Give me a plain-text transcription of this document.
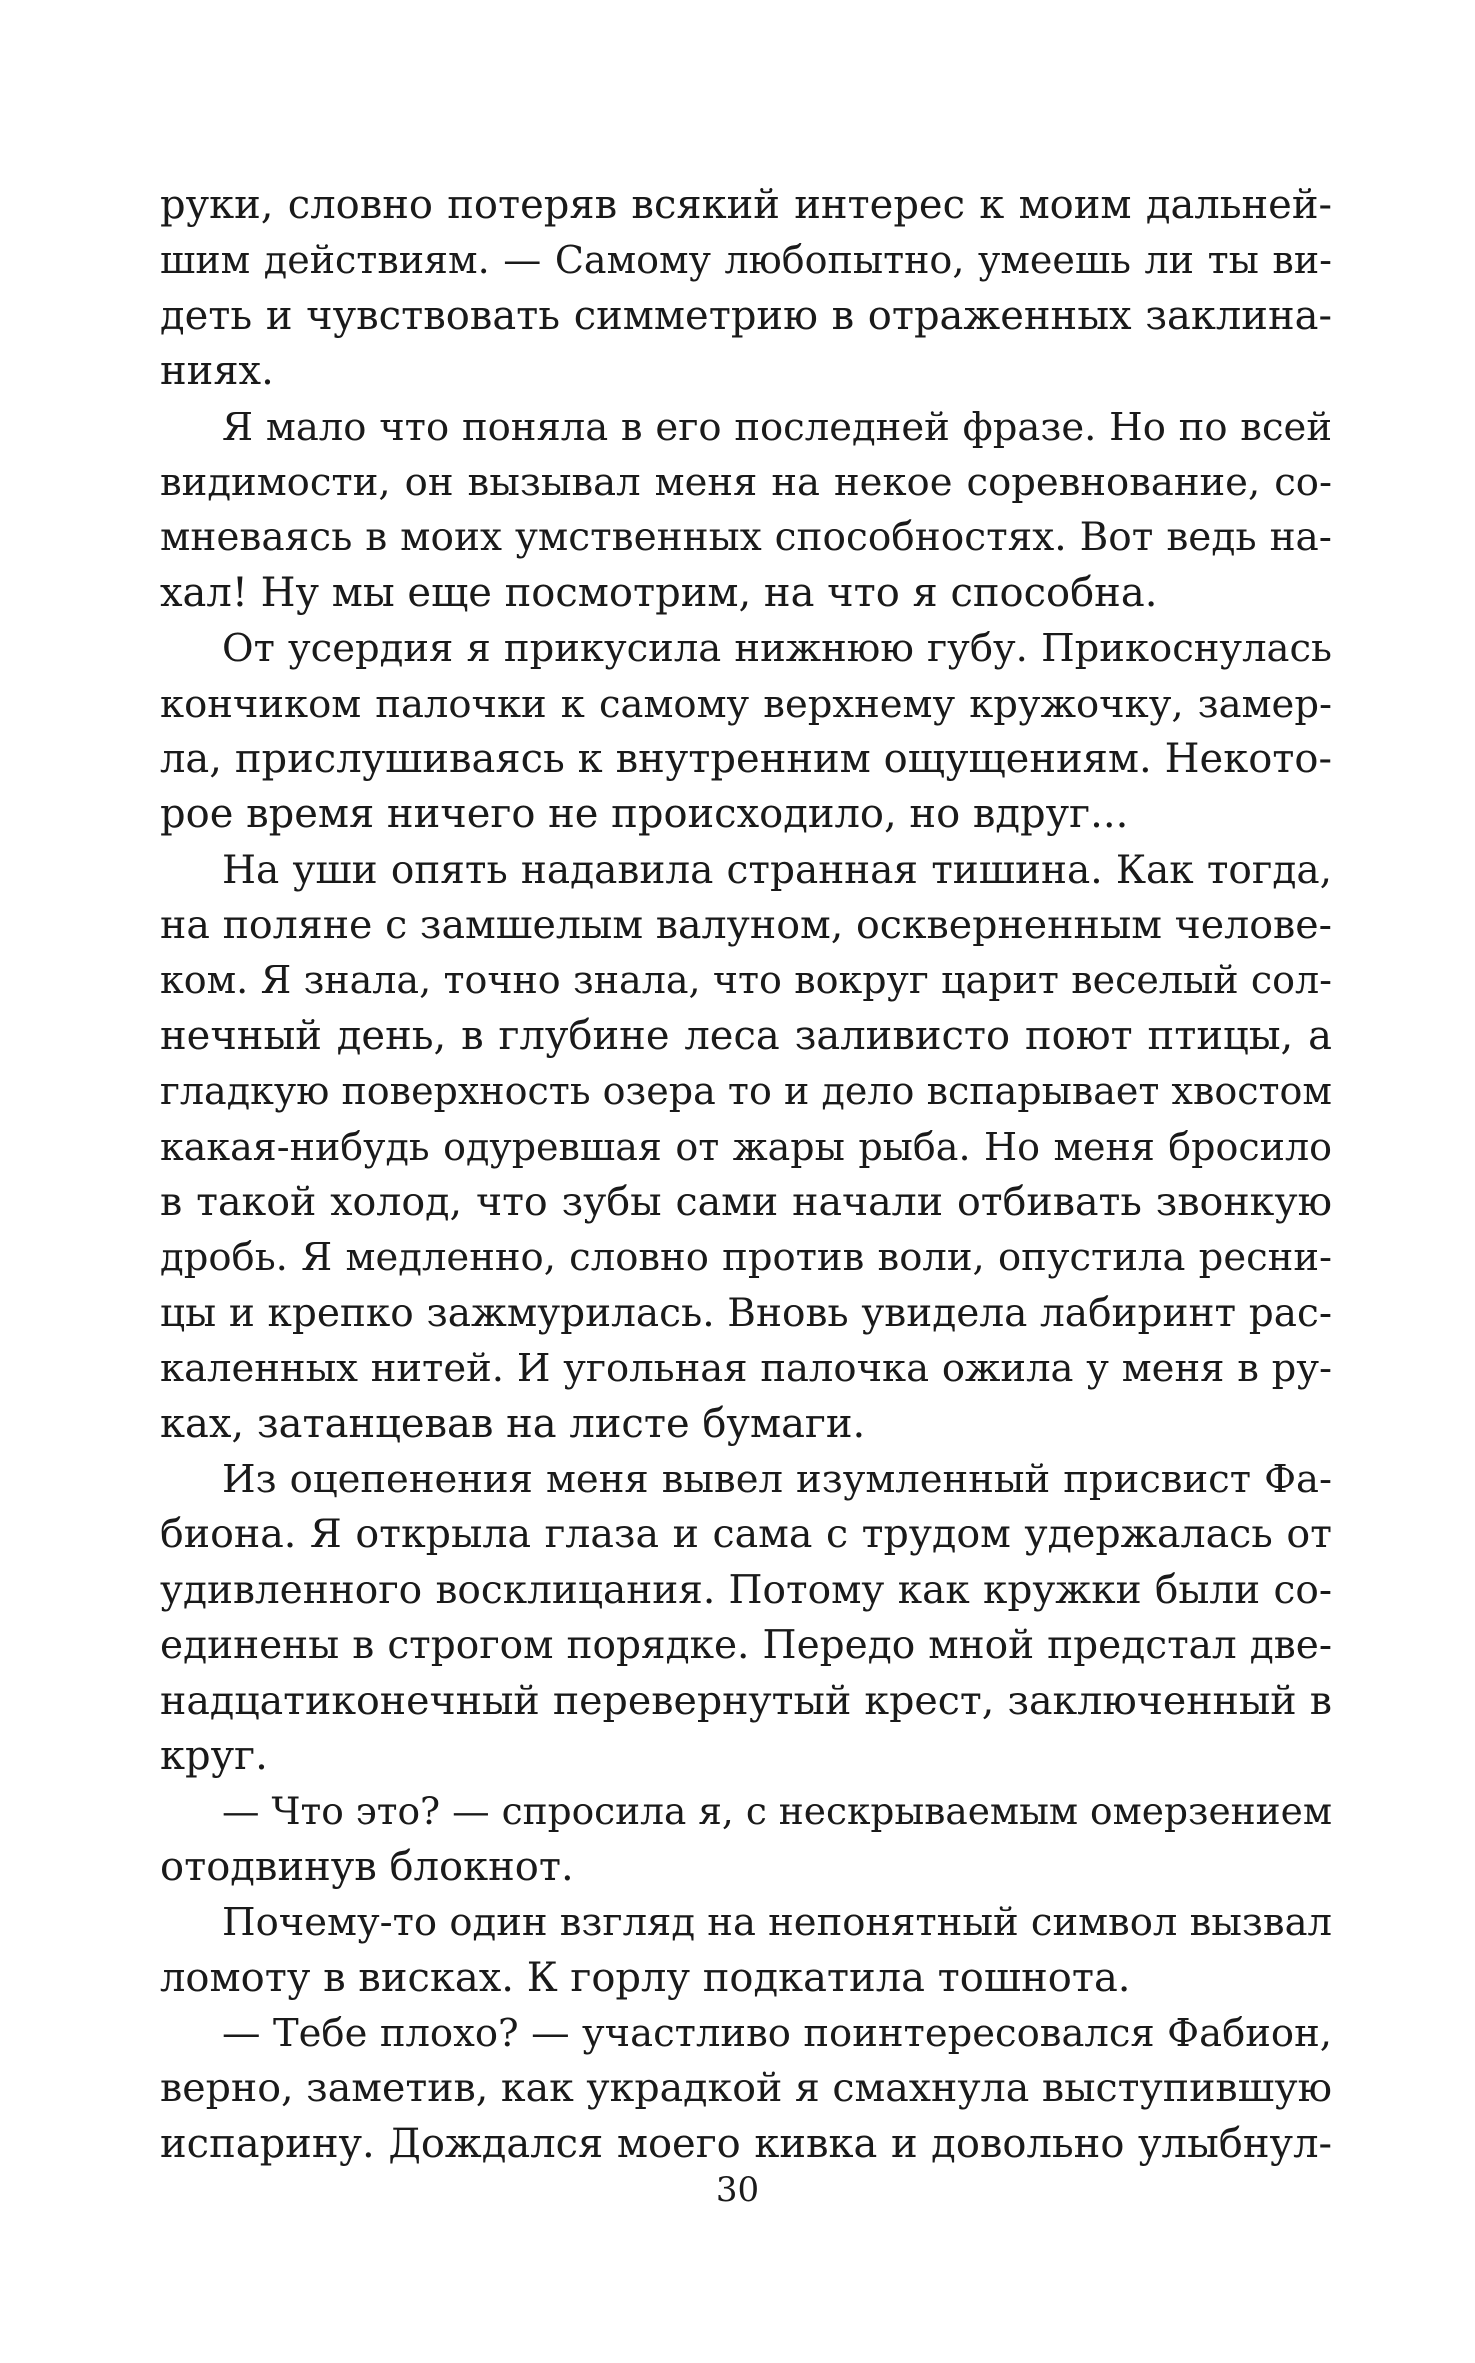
руки, словно потеряв всякий интерес к моим дальней-
шим действиям. — Самому любопытно, умеешь ли ты ви-
деть и чувствовать симметрию в отраженных заклина-
ниях.
Я мало что поняла в его последней фразе. Но по всей
видимости, он вызывал меня на некое соревнование, со-
мневаясь в моих умственных способностях. Вот ведь на-
хал! Ну мы еще посмотрим, на что я способна.
От усердия я прикусила нижнюю губу. Прикоснулась
кончиком палочки к самому верхнему кружочку, замер-
ла, прислушиваясь к внутренним ощущениям. Некото-
рое время ничего не происходило, но вдруг...
На уши опять надавила странная тишина. Как тогда,
на поляне с замшелым валуном, оскверненным челове-
ком. Я знала, точно знала, что вокруг царит веселый сол-
нечный день, в глубине леса заливисто поют птицы, а
гладкую поверхность озера то и дело вспарывает хвостом
какая-нибудь одуревшая от жары рыба. Но меня бросило
в такой холод, что зубы сами начали отбивать звонкую
дробь. Я медленно, словно против воли, опустила ресни-
цы и крепко зажмурилась. Вновь увидела лабиринт рас-
каленных нитей. И угольная палочка ожила у меня в ру-
ках, затанцевав на листе бумаги.
Из оцепенения меня вывел изумленный присвист Фа-
биона. Я открыла глаза и сама с трудом удержалась от
удивленного восклицания. Потому как кружки были со-
единены в строгом порядке. Передо мной предстал две-
надцатиконечный перевернутый крест, заключенный в
круг.
— Что это? — спросила я, с нескрываемым омерзением
отодвинув блокнот.
Почему-то один взгляд на непонятный символ вызвал
ломоту в висках. К горлу подкатила тошнота.
— Тебе плохо? — участливо поинтересовался Фабион,
верно, заметив, как украдкой я смахнула выступившую
испарину. Дождался моего кивка и довольно улыбнул-
30
